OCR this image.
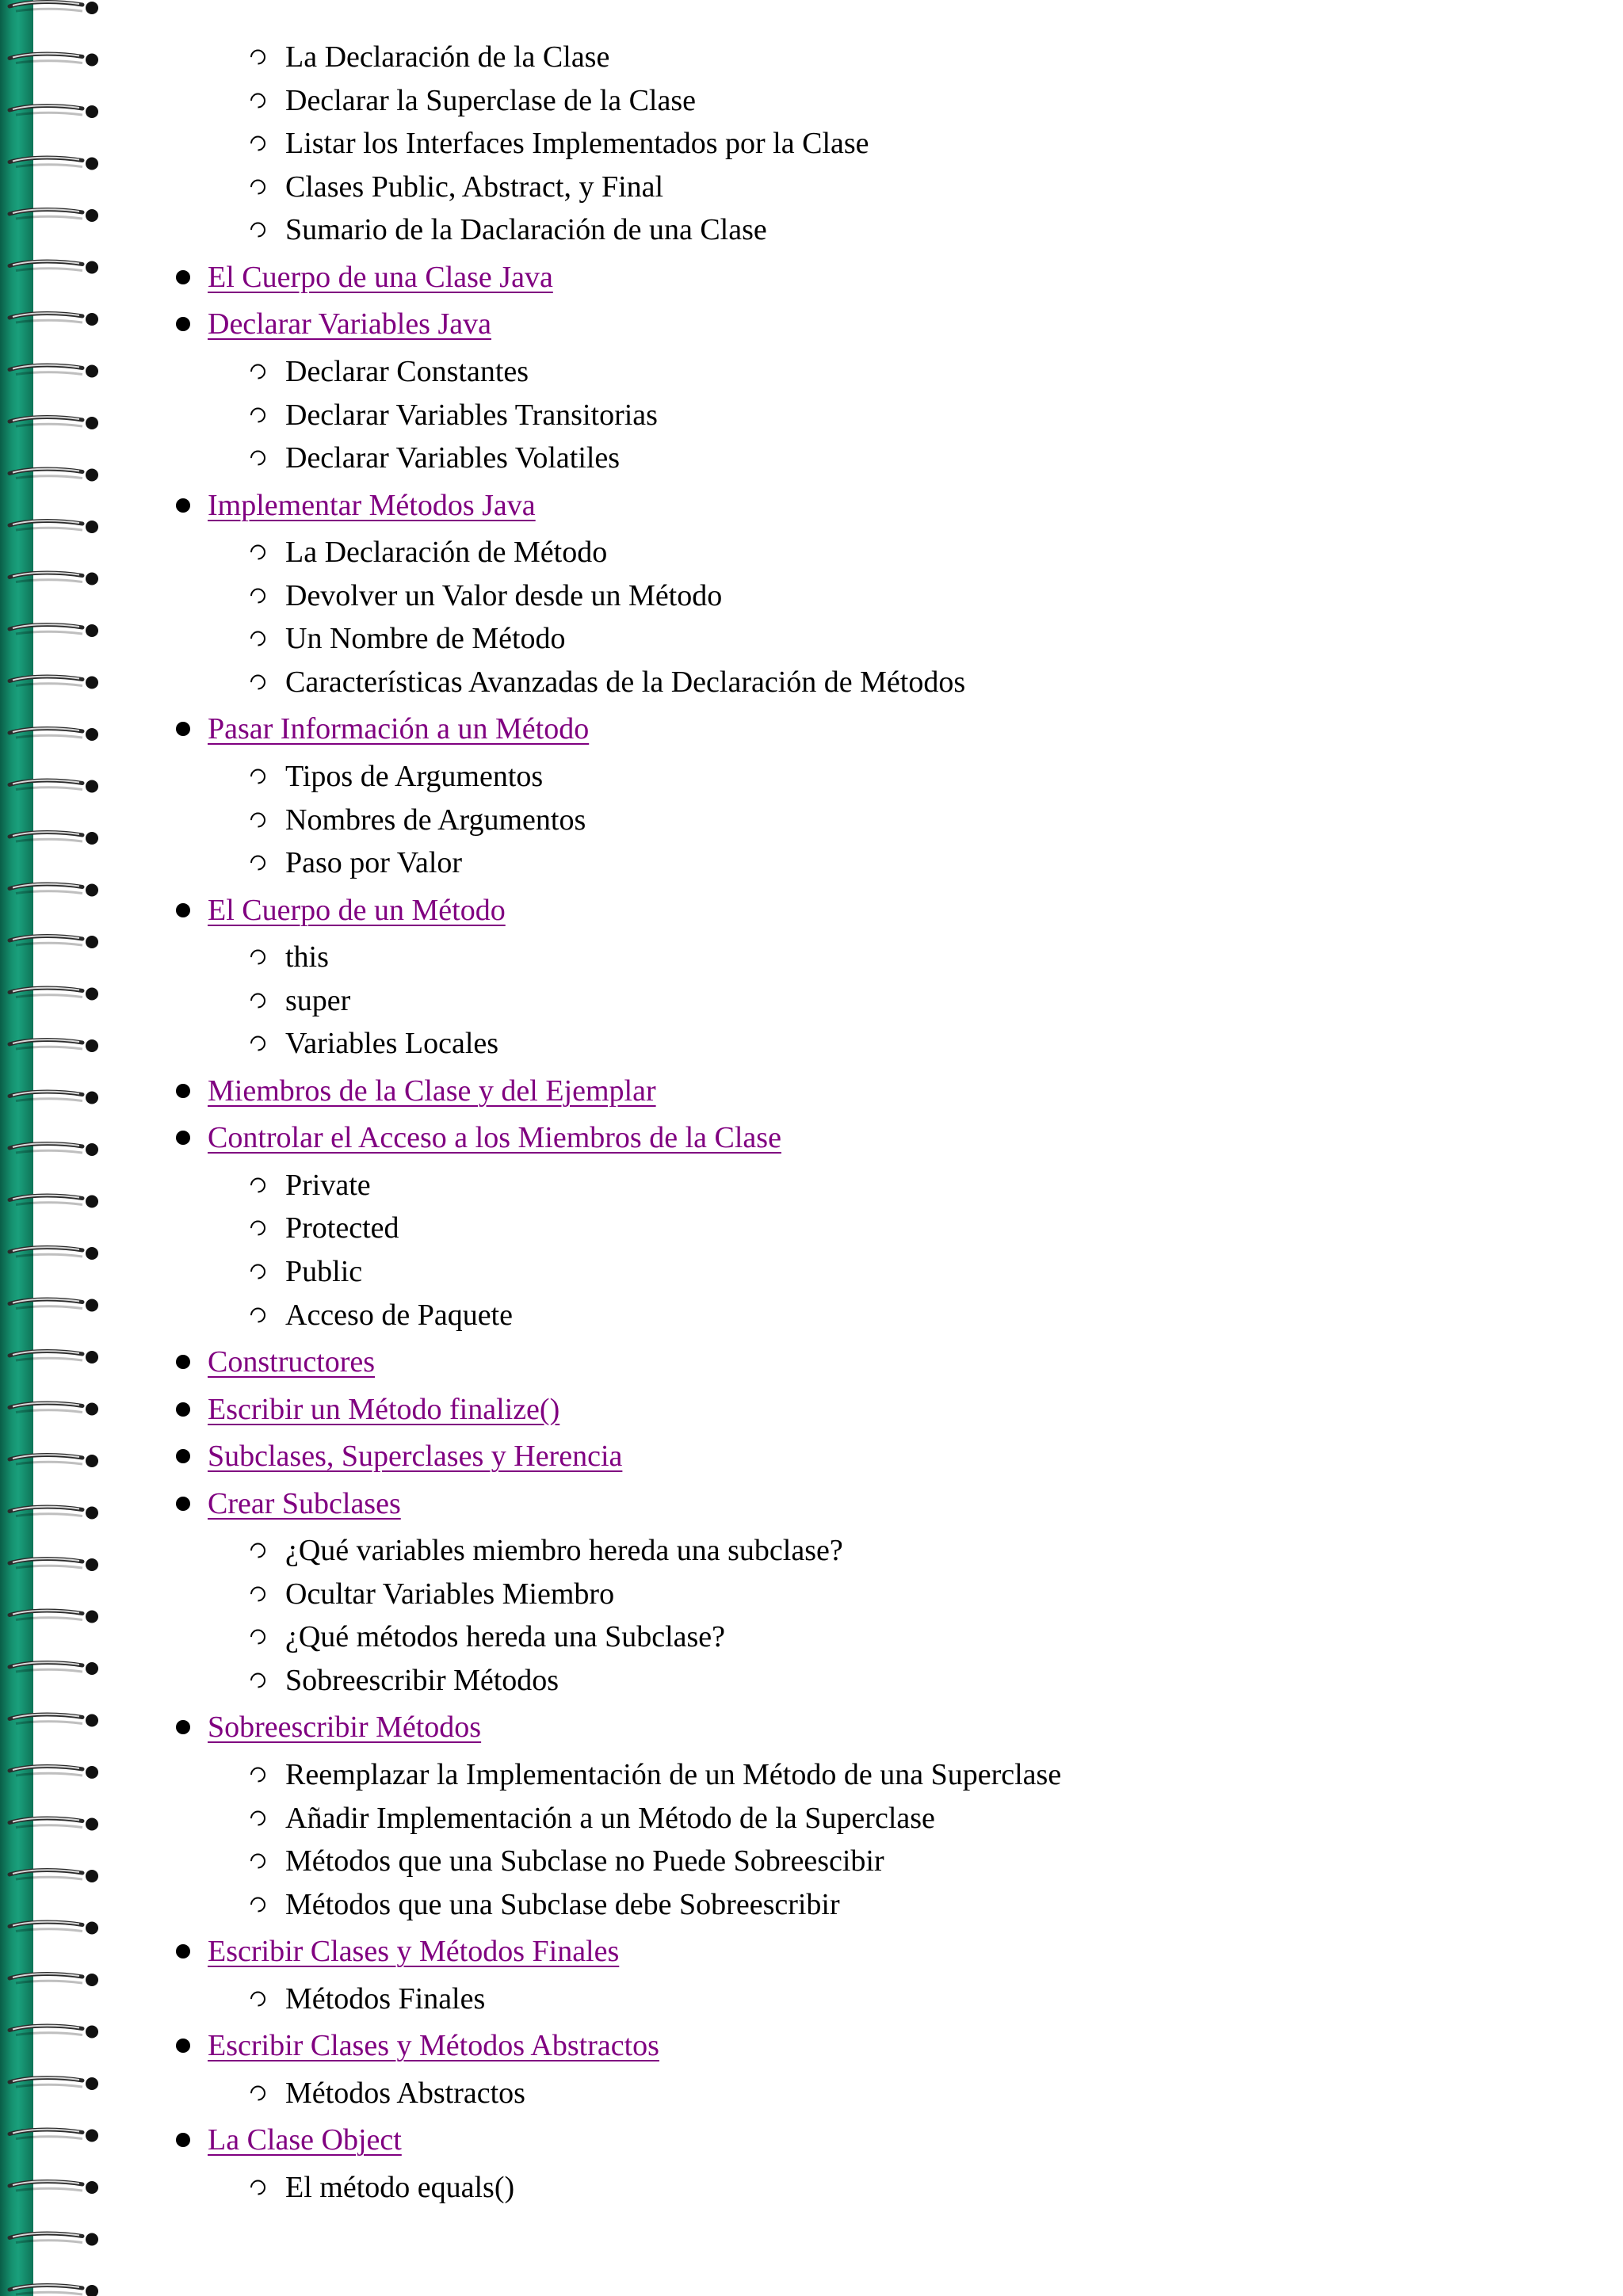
La Declaración de la Clase
Declarar la Superclase de la Clase
Listar los Interfaces Implementados por la Clase
Clases Public, Abstract, y Final
Sumario de la Daclaración de una Clase
El Cuerpo de una Clase Java
Declarar Variables Java
Declarar Constantes
Declarar Variables Transitorias
Declarar Variables Volatiles
Implementar Métodos Java
La Declaración de Método
Devolver un Valor desde un Método
Un Nombre de Método
Características Avanzadas de la Declaración de Métodos
Pasar Información a un Método
Tipos de Argumentos
Nombres de Argumentos
Paso por Valor
El Cuerpo de un Método
this
super
Variables Locales
Miembros de la Clase y del Ejemplar
Controlar el Acceso a los Miembros de la Clase
Private
Protected
Public
Acceso de Paquete
Constructores
Escribir un Método finalize()
Subclases, Superclases y Herencia
Crear Subclases
¿Qué variables miembro hereda una subclase?
Ocultar Variables Miembro
¿Qué métodos hereda una Subclase?
Sobreescribir Métodos
Sobreescribir Métodos
Reemplazar la Implementación de un Método de una Superclase
Añadir Implementación a un Método de la Superclase
Métodos que una Subclase no Puede Sobreescibir
Métodos que una Subclase debe Sobreescribir
Escribir Clases y Métodos Finales
Métodos Finales
Escribir Clases y Métodos Abstractos
Métodos Abstractos
La Clase Object
El método equals()
